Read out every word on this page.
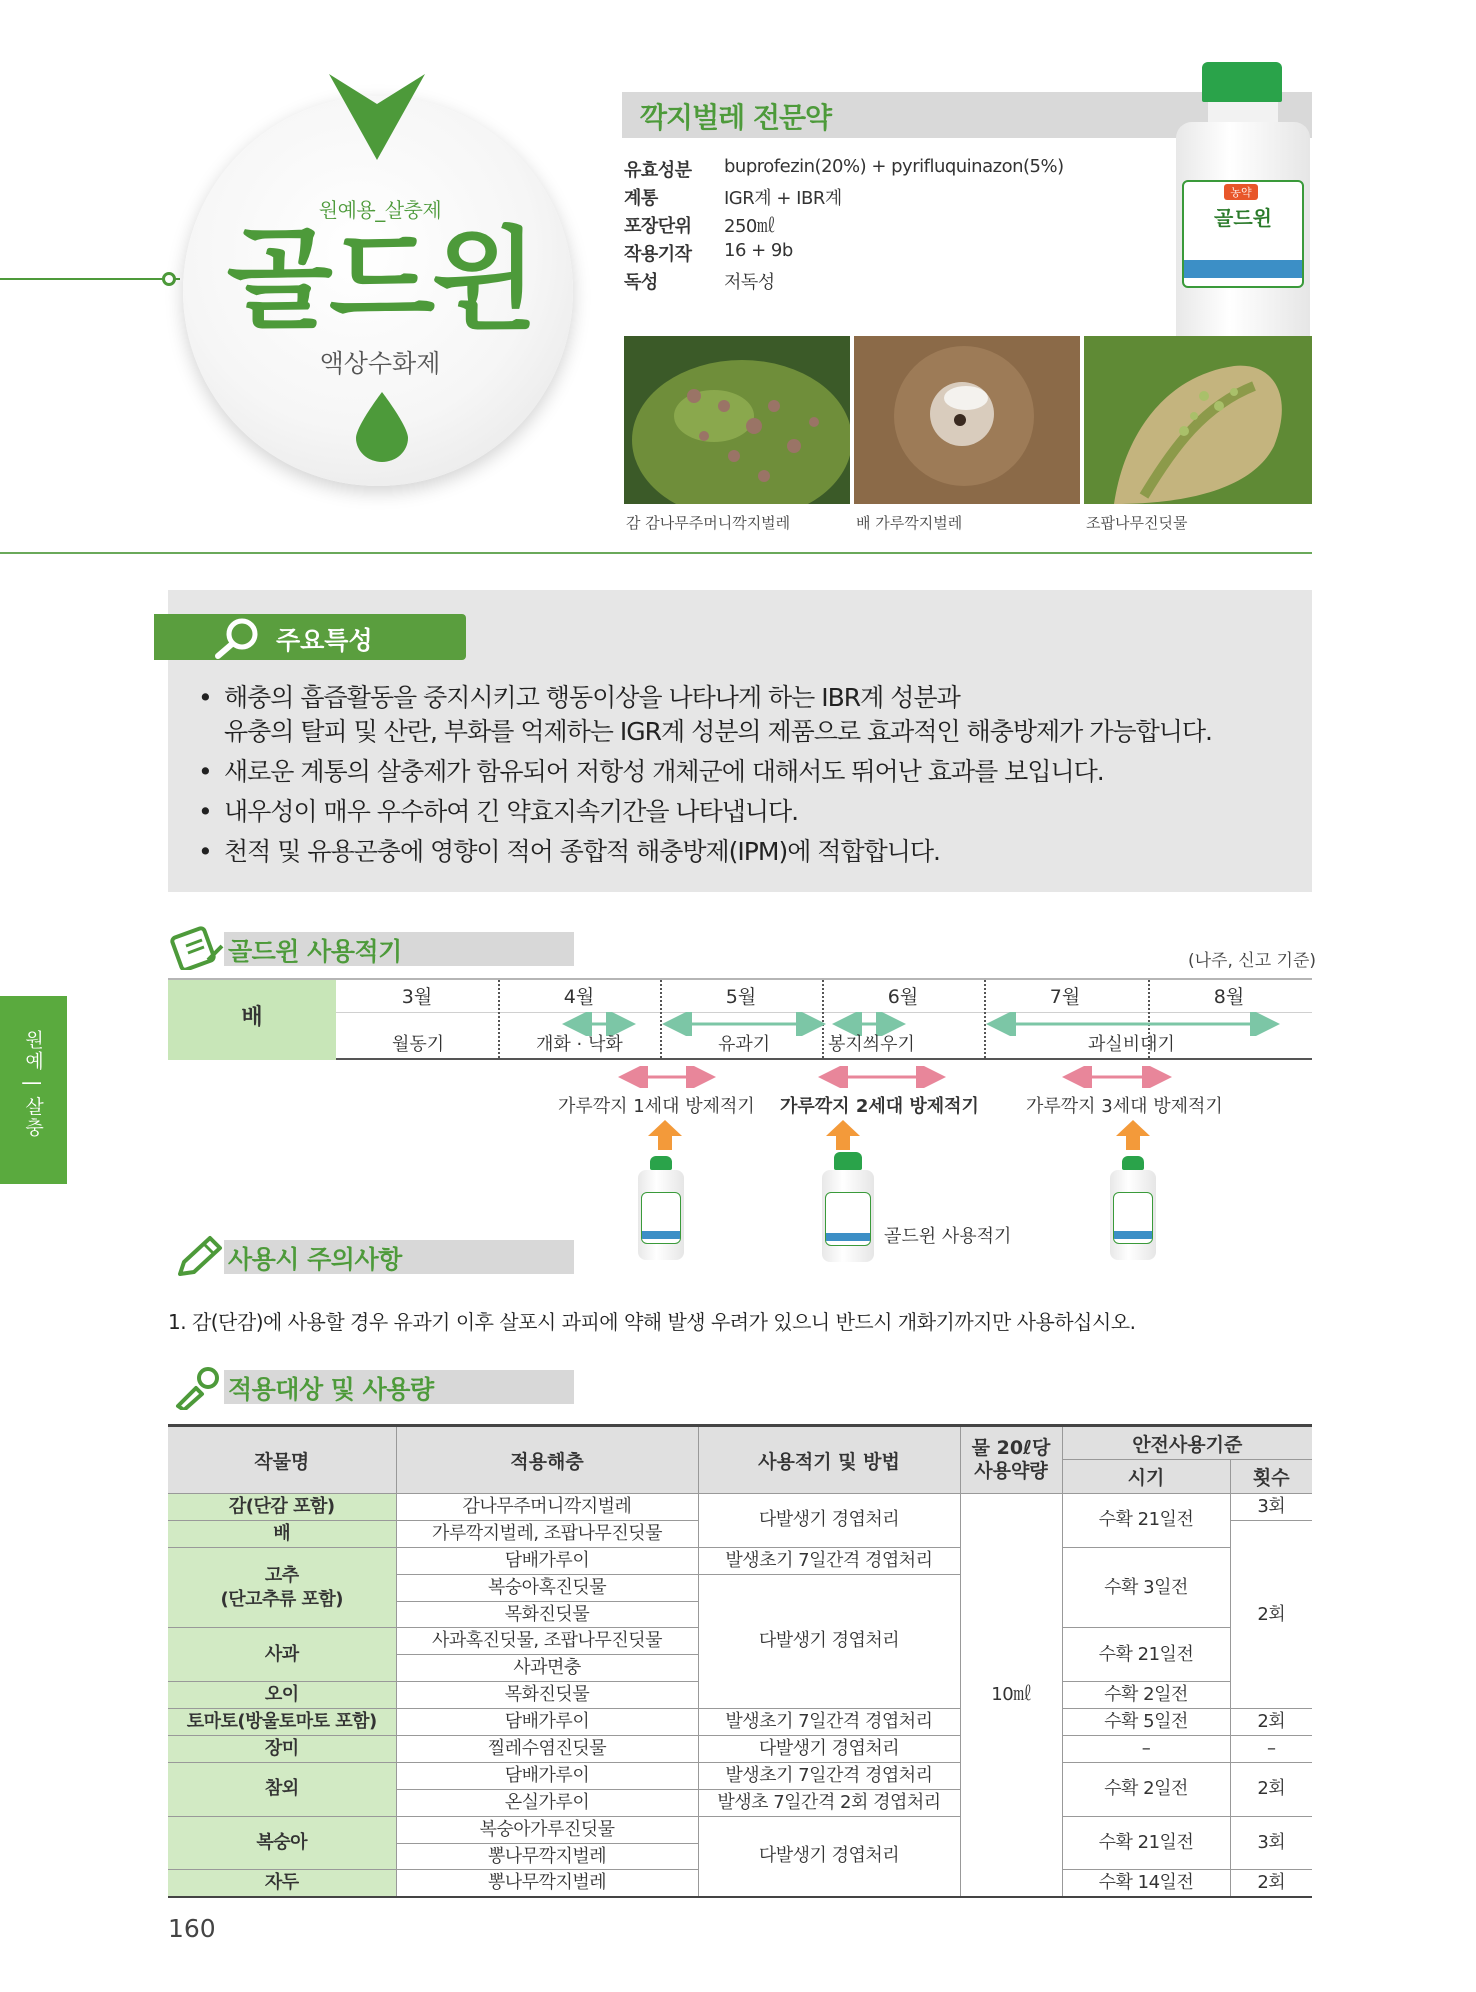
원예용_살충제
골드윈
액상수화제
깍지벌레 전문약
유효성분	buprofezin(20%) + pyrifluquinazon(5%)
계통	IGR계 + IBR계
포장단위	250㎖
작용기작	16 + 9b
독성	저독성
골드윈
농약
감 감나무주머니깍지벌레	배 가루깍지벌레	조팝나무진딧물
주요특성
• 해충의 흡즙활동을 중지시키고 행동이상을 나타나게 하는 IBR계 성분과
유충의 탈피 및 산란, 부화를 억제하는 IGR계 성분의 제품으로 효과적인 해충방제가 가능합니다.
• 새로운 계통의 살충제가 함유되어 저항성 개체군에 대해서도 뛰어난 효과를 보입니다.
• 내우성이 매우 우수하여 긴 약효지속기간을 나타냅니다.
• 천적 및 유용곤충에 영향이 적어 종합적 해충방제(IPM)에 적합합니다.
골드윈 사용적기	(나주, 신고 기준)
배
3월	4월	5월	6월	7월	8월
월동기	개화 · 낙화	유과기	봉지씌우기	과실비대기
가루깍지 1세대 방제적기 가루깍지 2세대 방제적기	가루깍지 3세대 방제적기
골드윈 사용적기
사용시 주의사항
1. 감(단감)에 사용할 경우 유과기 이후 살포시 과피에 약해 발생 우려가 있으니 반드시 개화기까지만 사용하십시오.
적용대상 및 사용량
작물명	적용해충	사용적기 및 방법	물 20ℓ당 사용약량	안전사용기준	
				시기	횟수
감(단감 포함)	감나무주머니깍지벌레	다발생기 경엽처리	10㎖	수확 21일전	3회
배	가루깍지벌레, 조팝나무진딧물				2회
고추
(단고추류 포함)	담배가루이	발생초기 7일간격 경엽처리		수확 3일전	
	복숭아혹진딧물	다발생기 경엽처리			
	목화진딧물				
사과	사과혹진딧물, 조팝나무진딧물			수확 21일전	
	사과면충				
오이	목화진딧물			수확 2일전	
토마토(방울토마토 포함)	담배가루이	발생초기 7일간격 경엽처리		수확 5일전	2회
장미	찔레수염진딧물	다발생기 경엽처리		–	–
참외	담배가루이	발생초기 7일간격 경엽처리		수확 2일전	2회
	온실가루이	발생초 7일간격 2회 경엽처리			
복숭아	복숭아가루진딧물	다발생기 경엽처리		수확 21일전	3회
	뽕나무깍지벌레				
자두	뽕나무깍지벌레			수확 14일전	2회
160
원예 | 살충
